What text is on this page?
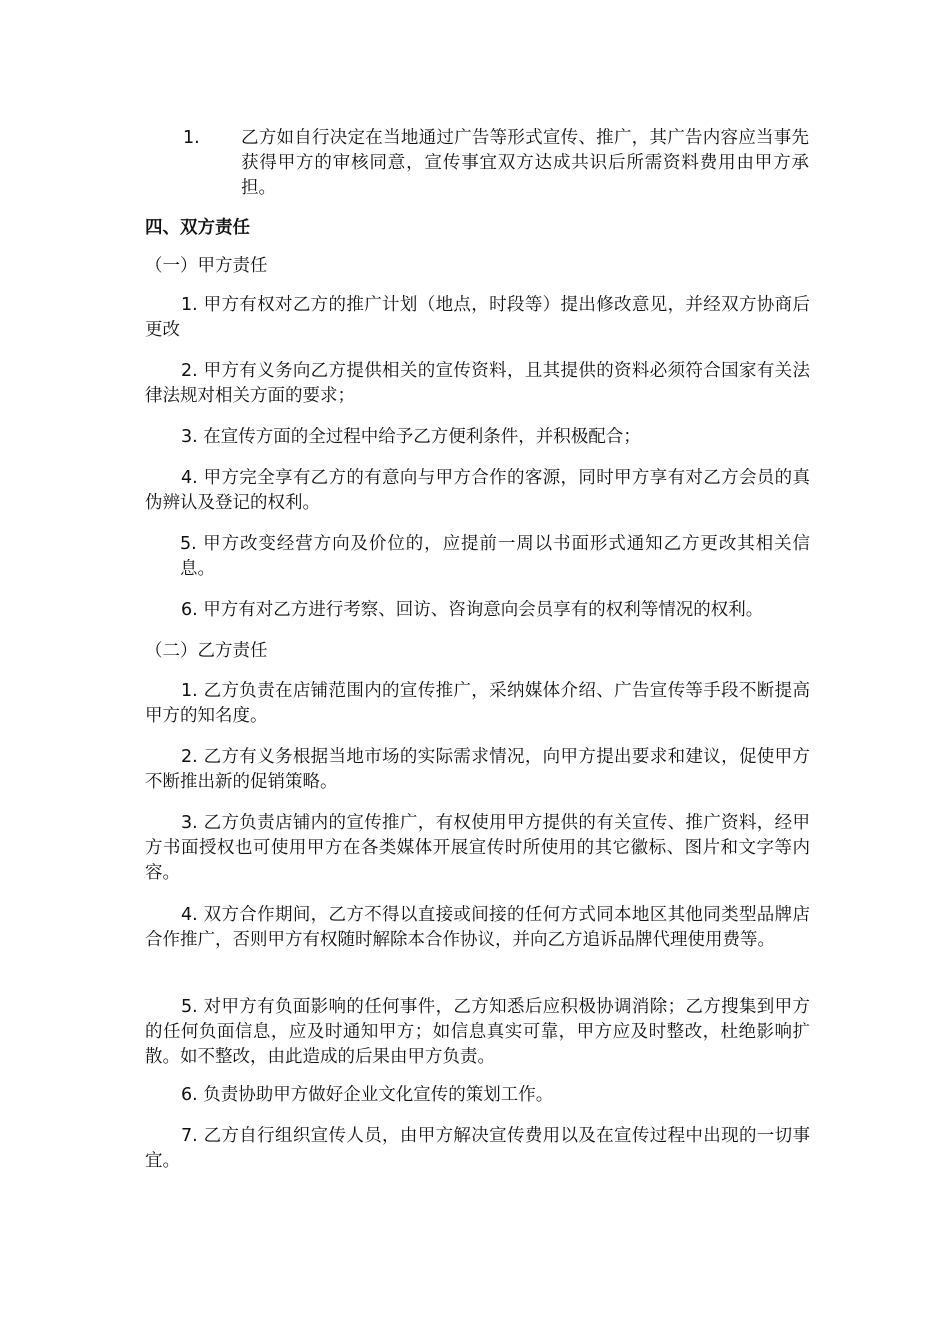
1. 乙方如自行决定在当地通过广告等形式宣传、推广，其广告内容应当事先获得甲方的审核同意，宣传事宜双方达成共识后所需资料费用由甲方承担。

四、双方责任
（一）甲方责任

1. 甲方有权对乙方的推广计划（地点，时段等）提出修改意见，并经双方协商后更改

2. 甲方有义务向乙方提供相关的宣传资料，且其提供的资料必须符合国家有关法律法规对相关方面的要求；

3. 在宣传方面的全过程中给予乙方便利条件，并积极配合；

4. 甲方完全享有乙方的有意向与甲方合作的客源，同时甲方享有对乙方会员的真伪辨认及登记的权利。

5. 甲方改变经营方向及价位的，应提前一周以书面形式通知乙方更改其相关信息。

6. 甲方有对乙方进行考察、回访、咨询意向会员享有的权利等情况的权利。

（二）乙方责任

1. 乙方负责在店铺范围内的宣传推广，采纳媒体介绍、广告宣传等手段不断提高甲方的知名度。

2. 乙方有义务根据当地市场的实际需求情况，向甲方提出要求和建议，促使甲方不断推出新的促销策略。

3. 乙方负责店铺内的宣传推广，有权使用甲方提供的有关宣传、推广资料，经甲方书面授权也可使用甲方在各类媒体开展宣传时所使用的其它徽标、图片和文字等内容。

4. 双方合作期间，乙方不得以直接或间接的任何方式同本地区其他同类型品牌店合作推广，否则甲方有权随时解除本合作协议，并向乙方追诉品牌代理使用费等。

5. 对甲方有负面影响的任何事件，乙方知悉后应积极协调消除；乙方搜集到甲方的任何负面信息，应及时通知甲方；如信息真实可靠，甲方应及时整改，杜绝影响扩散。如不整改，由此造成的后果由甲方负责。

6. 负责协助甲方做好企业文化宣传的策划工作。

7. 乙方自行组织宣传人员，由甲方解决宣传费用以及在宣传过程中出现的一切事宜。
